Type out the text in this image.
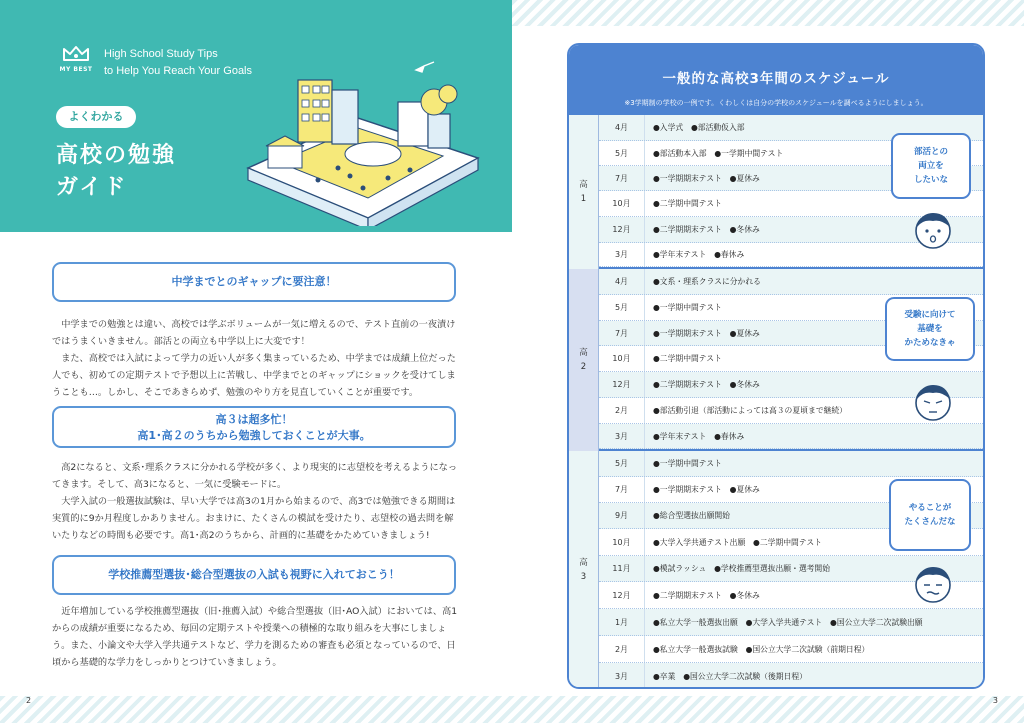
MY BEST
High School Study Tips
to Help You Reach Your Goals
よくわかる
高校の勉強
ガイド
中学までとのギャップに要注意！

中学までの勉強とは違い、高校では学ぶボリュームが一気に増えるので、テスト直前の一夜漬けではうまくいきません。部活との両立も中学以上に大変です！

また、高校では入試によって学力の近い人が多く集まっているため、中学までは成績上位だった人でも、初めての定期テストで予想以上に苦戦し、中学までとのギャップにショックを受けてしまうことも…。しかし、そこであきらめず、勉強のやり方を見直していくことが重要です。

高３は超多忙！
高1･高２のうちから勉強しておくことが大事。

高2になると、文系･理系クラスに分かれる学校が多く、より現実的に志望校を考えるようになってきます。そして、高3になると、一気に受験モードに。

大学入試の一般選抜試験は、早い大学では高3の1月から始まるので、高3では勉強できる期間は実質的に9か月程度しかありません。おまけに、たくさんの模試を受けたり、志望校の過去問を解いたりなどの時間も必要です。高1･高2のうちから、計画的に基礎をかためていきましょう!

学校推薦型選抜･総合型選抜の入試も視野に入れておこう！

近年増加している学校推薦型選抜（旧･推薦入試）や総合型選抜（旧･AO入試）においては、高1からの成績が重要になるため、毎回の定期テストや授業への積極的な取り組みを大事にしましょう。また、小論文や大学入学共通テストなど、学力を測るための審査も必須となっているので、日頃から基礎的な学力をしっかりとつけていきましょう。

2
一般的な高校3年間のスケジュール
※3学期制の学校の一例です。くわしくは自分の学校のスケジュールを調べるようにしましょう。
高
1
4月	●入学式　●部活動仮入部
5月	●部活動本入部　●一学期中間テスト
7月	●一学期期末テスト　●夏休み
10月	●二学期中間テスト
12月	●二学期期末テスト　●冬休み
3月	●学年末テスト　●春休み
高
2
4月	●文系・理系クラスに分かれる
5月	●一学期中間テスト
7月	●一学期期末テスト　●夏休み
10月	●二学期中間テスト
12月	●二学期期末テスト　●冬休み
2月	●部活動引退（部活動によっては高３の夏頃まで継続）
3月	●学年末テスト　●春休み
高
3
5月	●一学期中間テスト
7月	●一学期期末テスト　●夏休み
9月	●総合型選抜出願開始
10月	●大学入学共通テスト出願　●二学期中間テスト
11月	●模試ラッシュ　●学校推薦型選抜出願・選考開始
12月	●二学期期末テスト　●冬休み
1月	●私立大学一般選抜出願　●大学入学共通テスト　●国公立大学二次試験出願
2月	●私立大学一般選抜試験　●国公立大学二次試験（前期日程）
3月	●卒業　●国公立大学二次試験（後期日程）
部活との
両立を
したいな
受験に向けて
基礎を
かためなきゃ
やることが
たくさんだな
3
